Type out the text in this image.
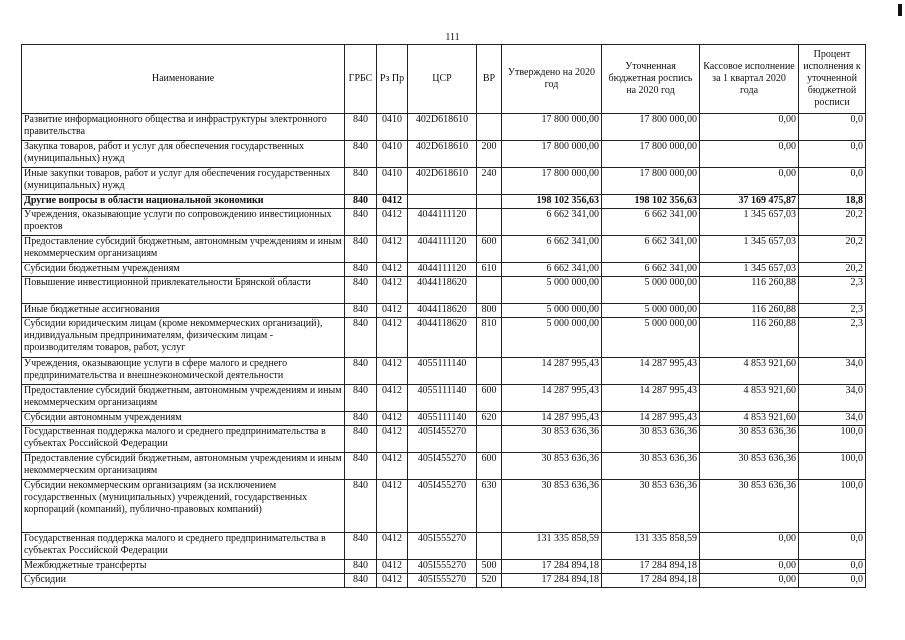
111
Наименование	ГРБС	Рз Пр	ЦСР	ВР	Утверждено на 2020 год	Уточненная бюджетная роспись на 2020 год	Кассовое исполнение за 1 квартал 2020 года	Процент исполнения к уточненной бюджетной росписи
Развитие информационного общества и инфраструктуры электронного правительства	840	0410	402D618610		17 800 000,00	17 800 000,00	0,00	0,0
Закупка товаров, работ и услуг для обеспечения государственных (муниципальных) нужд	840	0410	402D618610	200	17 800 000,00	17 800 000,00	0,00	0,0
Иные закупки товаров, работ и услуг для обеспечения государственных (муниципальных) нужд	840	0410	402D618610	240	17 800 000,00	17 800 000,00	0,00	0,0
Другие вопросы в области национальной экономики	840	0412			198 102 356,63	198 102 356,63	37 169 475,87	18,8
Учреждения, оказывающие услуги по сопровождению инвестиционных проектов	840	0412	4044111120		6 662 341,00	6 662 341,00	1 345 657,03	20,2
Предоставление субсидий бюджетным, автономным учреждениям и иным некоммерческим организациям	840	0412	4044111120	600	6 662 341,00	6 662 341,00	1 345 657,03	20,2
Субсидии бюджетным учреждениям	840	0412	4044111120	610	6 662 341,00	6 662 341,00	1 345 657,03	20,2
Повышение инвестиционной привлекательности Брянской области	840	0412	4044118620		5 000 000,00	5 000 000,00	116 260,88	2,3
Иные бюджетные ассигнования	840	0412	4044118620	800	5 000 000,00	5 000 000,00	116 260,88	2,3
Субсидии юридическим лицам (кроме некоммерческих организаций), индивидуальным предпринимателям, физическим лицам - производителям товаров, работ, услуг	840	0412	4044118620	810	5 000 000,00	5 000 000,00	116 260,88	2,3
Учреждения, оказывающие услуги в сфере малого и среднего предпринимательства и внешнеэкономической деятельности	840	0412	4055111140		14 287 995,43	14 287 995,43	4 853 921,60	34,0
Предоставление субсидий бюджетным, автономным учреждениям и иным некоммерческим организациям	840	0412	4055111140	600	14 287 995,43	14 287 995,43	4 853 921,60	34,0
Субсидии автономным учреждениям	840	0412	4055111140	620	14 287 995,43	14 287 995,43	4 853 921,60	34,0
Государственная поддержка малого и среднего предпринимательства в субъектах Российской Федерации	840	0412	405I455270		30 853 636,36	30 853 636,36	30 853 636,36	100,0
Предоставление субсидий бюджетным, автономным учреждениям и иным некоммерческим организациям	840	0412	405I455270	600	30 853 636,36	30 853 636,36	30 853 636,36	100,0
Субсидии некоммерческим организациям (за исключением государственных (муниципальных) учреждений, государственных корпораций (компаний), публично-правовых компаний)	840	0412	405I455270	630	30 853 636,36	30 853 636,36	30 853 636,36	100,0
Государственная поддержка малого и среднего предпринимательства в субъектах Российской Федерации	840	0412	405I555270		131 335 858,59	131 335 858,59	0,00	0,0
Межбюджетные трансферты	840	0412	405I555270	500	17 284 894,18	17 284 894,18	0,00	0,0
Субсидии	840	0412	405I555270	520	17 284 894,18	17 284 894,18	0,00	0,0
